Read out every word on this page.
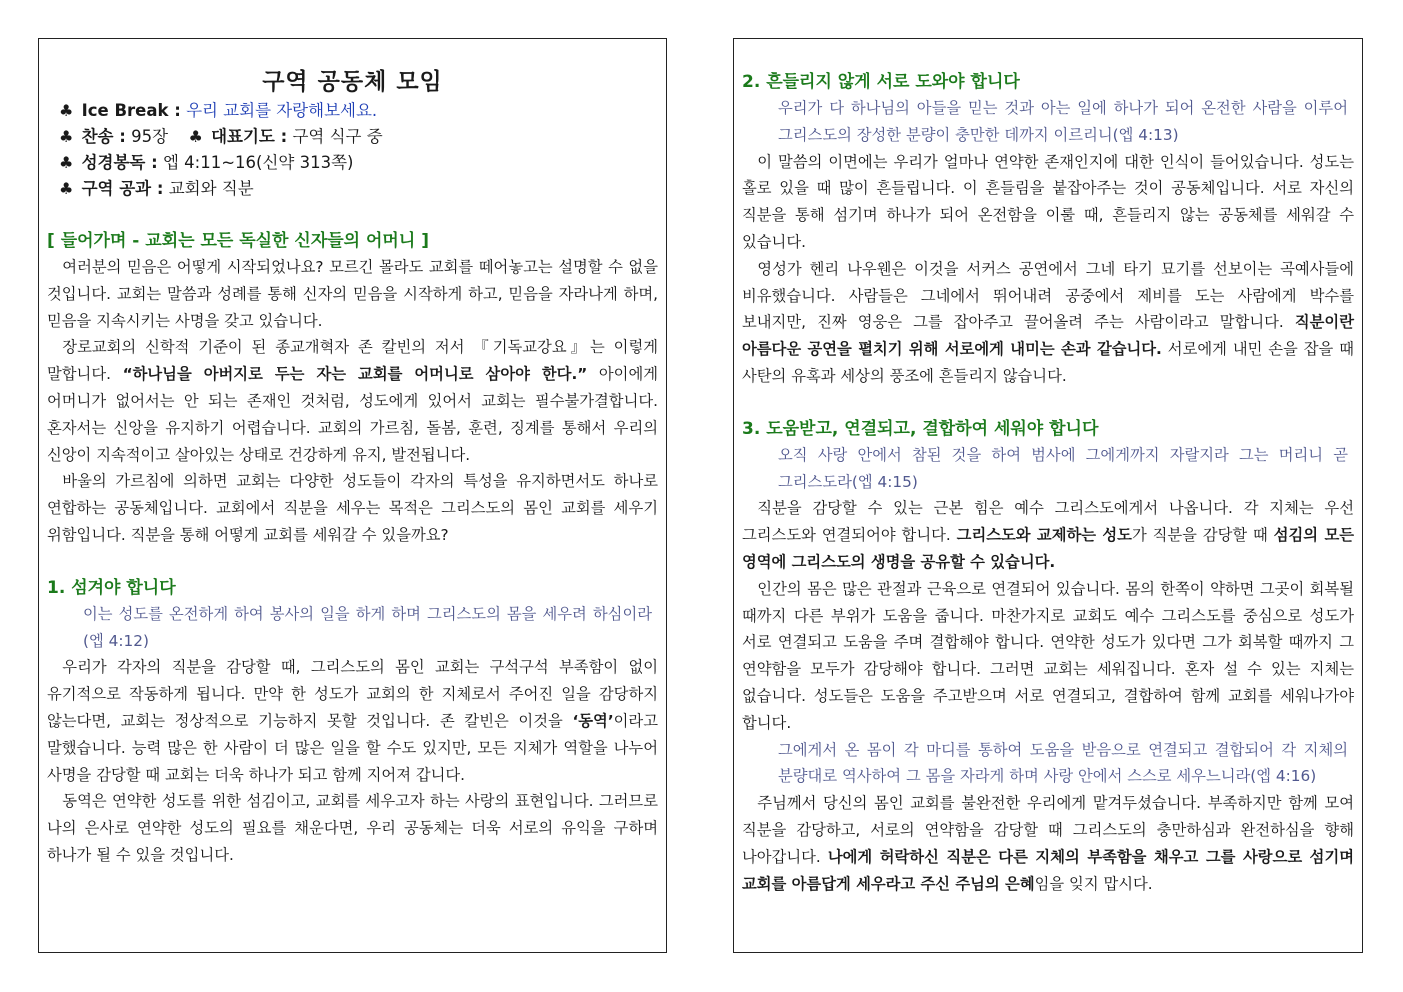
구역 공동체 모임
♣ Ice Break : 우리 교회를 자랑해보세요.
♣ 찬송 : 95장 ♣ 대표기도 : 구역 식구 중
♣ 성경봉독 : 엡 4:11~16(신약 313쪽)
♣ 구역 공과 : 교회와 직분

[ 들어가며 - 교회는 모든 독실한 신자들의 어머니 ]

여러분의 믿음은 어떻게 시작되었나요? 모르긴 몰라도 교회를 떼어놓고는 설명할 수 없을 것입니다. 교회는 말씀과 성례를 통해 신자의 믿음을 시작하게 하고, 믿음을 자라나게 하며, 믿음을 지속시키는 사명을 갖고 있습니다.

장로교회의 신학적 기준이 된 종교개혁자 존 칼빈의 저서 『기독교강요』는 이렇게 말합니다. “하나님을 아버지로 두는 자는 교회를 어머니로 삼아야 한다.” 아이에게 어머니가 없어서는 안 되는 존재인 것처럼, 성도에게 있어서 교회는 필수불가결합니다. 혼자서는 신앙을 유지하기 어렵습니다. 교회의 가르침, 돌봄, 훈련, 징계를 통해서 우리의 신앙이 지속적이고 살아있는 상태로 건강하게 유지, 발전됩니다.

바울의 가르침에 의하면 교회는 다양한 성도들이 각자의 특성을 유지하면서도 하나로 연합하는 공동체입니다. 교회에서 직분을 세우는 목적은 그리스도의 몸인 교회를 세우기 위함입니다. 직분을 통해 어떻게 교회를 세워갈 수 있을까요?

1. 섬겨야 합니다

이는 성도를 온전하게 하여 봉사의 일을 하게 하며 그리스도의 몸을 세우려 하심이라(엡 4:12)

우리가 각자의 직분을 감당할 때, 그리스도의 몸인 교회는 구석구석 부족함이 없이 유기적으로 작동하게 됩니다. 만약 한 성도가 교회의 한 지체로서 주어진 일을 감당하지 않는다면, 교회는 정상적으로 기능하지 못할 것입니다. 존 칼빈은 이것을 ‘동역’이라고 말했습니다. 능력 많은 한 사람이 더 많은 일을 할 수도 있지만, 모든 지체가 역할을 나누어 사명을 감당할 때 교회는 더욱 하나가 되고 함께 지어져 갑니다.

동역은 연약한 성도를 위한 섬김이고, 교회를 세우고자 하는 사랑의 표현입니다. 그러므로 나의 은사로 연약한 성도의 필요를 채운다면, 우리 공동체는 더욱 서로의 유익을 구하며 하나가 될 수 있을 것입니다.

2. 흔들리지 않게 서로 도와야 합니다

우리가 다 하나님의 아들을 믿는 것과 아는 일에 하나가 되어 온전한 사람을 이루어 그리스도의 장성한 분량이 충만한 데까지 이르리니(엡 4:13)

이 말씀의 이면에는 우리가 얼마나 연약한 존재인지에 대한 인식이 들어있습니다. 성도는 홀로 있을 때 많이 흔들립니다. 이 흔들림을 붙잡아주는 것이 공동체입니다. 서로 자신의 직분을 통해 섬기며 하나가 되어 온전함을 이룰 때, 흔들리지 않는 공동체를 세워갈 수 있습니다.

영성가 헨리 나우웬은 이것을 서커스 공연에서 그네 타기 묘기를 선보이는 곡예사들에 비유했습니다. 사람들은 그네에서 뛰어내려 공중에서 제비를 도는 사람에게 박수를 보내지만, 진짜 영웅은 그를 잡아주고 끌어올려 주는 사람이라고 말합니다. 직분이란 아름다운 공연을 펼치기 위해 서로에게 내미는 손과 같습니다. 서로에게 내민 손을 잡을 때 사탄의 유혹과 세상의 풍조에 흔들리지 않습니다.

3. 도움받고, 연결되고, 결합하여 세워야 합니다

오직 사랑 안에서 참된 것을 하여 범사에 그에게까지 자랄지라 그는 머리니 곧 그리스도라(엡 4:15)

직분을 감당할 수 있는 근본 힘은 예수 그리스도에게서 나옵니다. 각 지체는 우선 그리스도와 연결되어야 합니다. 그리스도와 교제하는 성도가 직분을 감당할 때 섬김의 모든 영역에 그리스도의 생명을 공유할 수 있습니다.

인간의 몸은 많은 관절과 근육으로 연결되어 있습니다. 몸의 한쪽이 약하면 그곳이 회복될 때까지 다른 부위가 도움을 줍니다. 마찬가지로 교회도 예수 그리스도를 중심으로 성도가 서로 연결되고 도움을 주며 결합해야 합니다. 연약한 성도가 있다면 그가 회복할 때까지 그 연약함을 모두가 감당해야 합니다. 그러면 교회는 세워집니다. 혼자 설 수 있는 지체는 없습니다. 성도들은 도움을 주고받으며 서로 연결되고, 결합하여 함께 교회를 세워나가야 합니다.

그에게서 온 몸이 각 마디를 통하여 도움을 받음으로 연결되고 결합되어 각 지체의 분량대로 역사하여 그 몸을 자라게 하며 사랑 안에서 스스로 세우느니라(엡 4:16)

주님께서 당신의 몸인 교회를 불완전한 우리에게 맡겨두셨습니다. 부족하지만 함께 모여 직분을 감당하고, 서로의 연약함을 감당할 때 그리스도의 충만하심과 완전하심을 향해 나아갑니다. 나에게 허락하신 직분은 다른 지체의 부족함을 채우고 그를 사랑으로 섬기며 교회를 아름답게 세우라고 주신 주님의 은혜임을 잊지 맙시다.
